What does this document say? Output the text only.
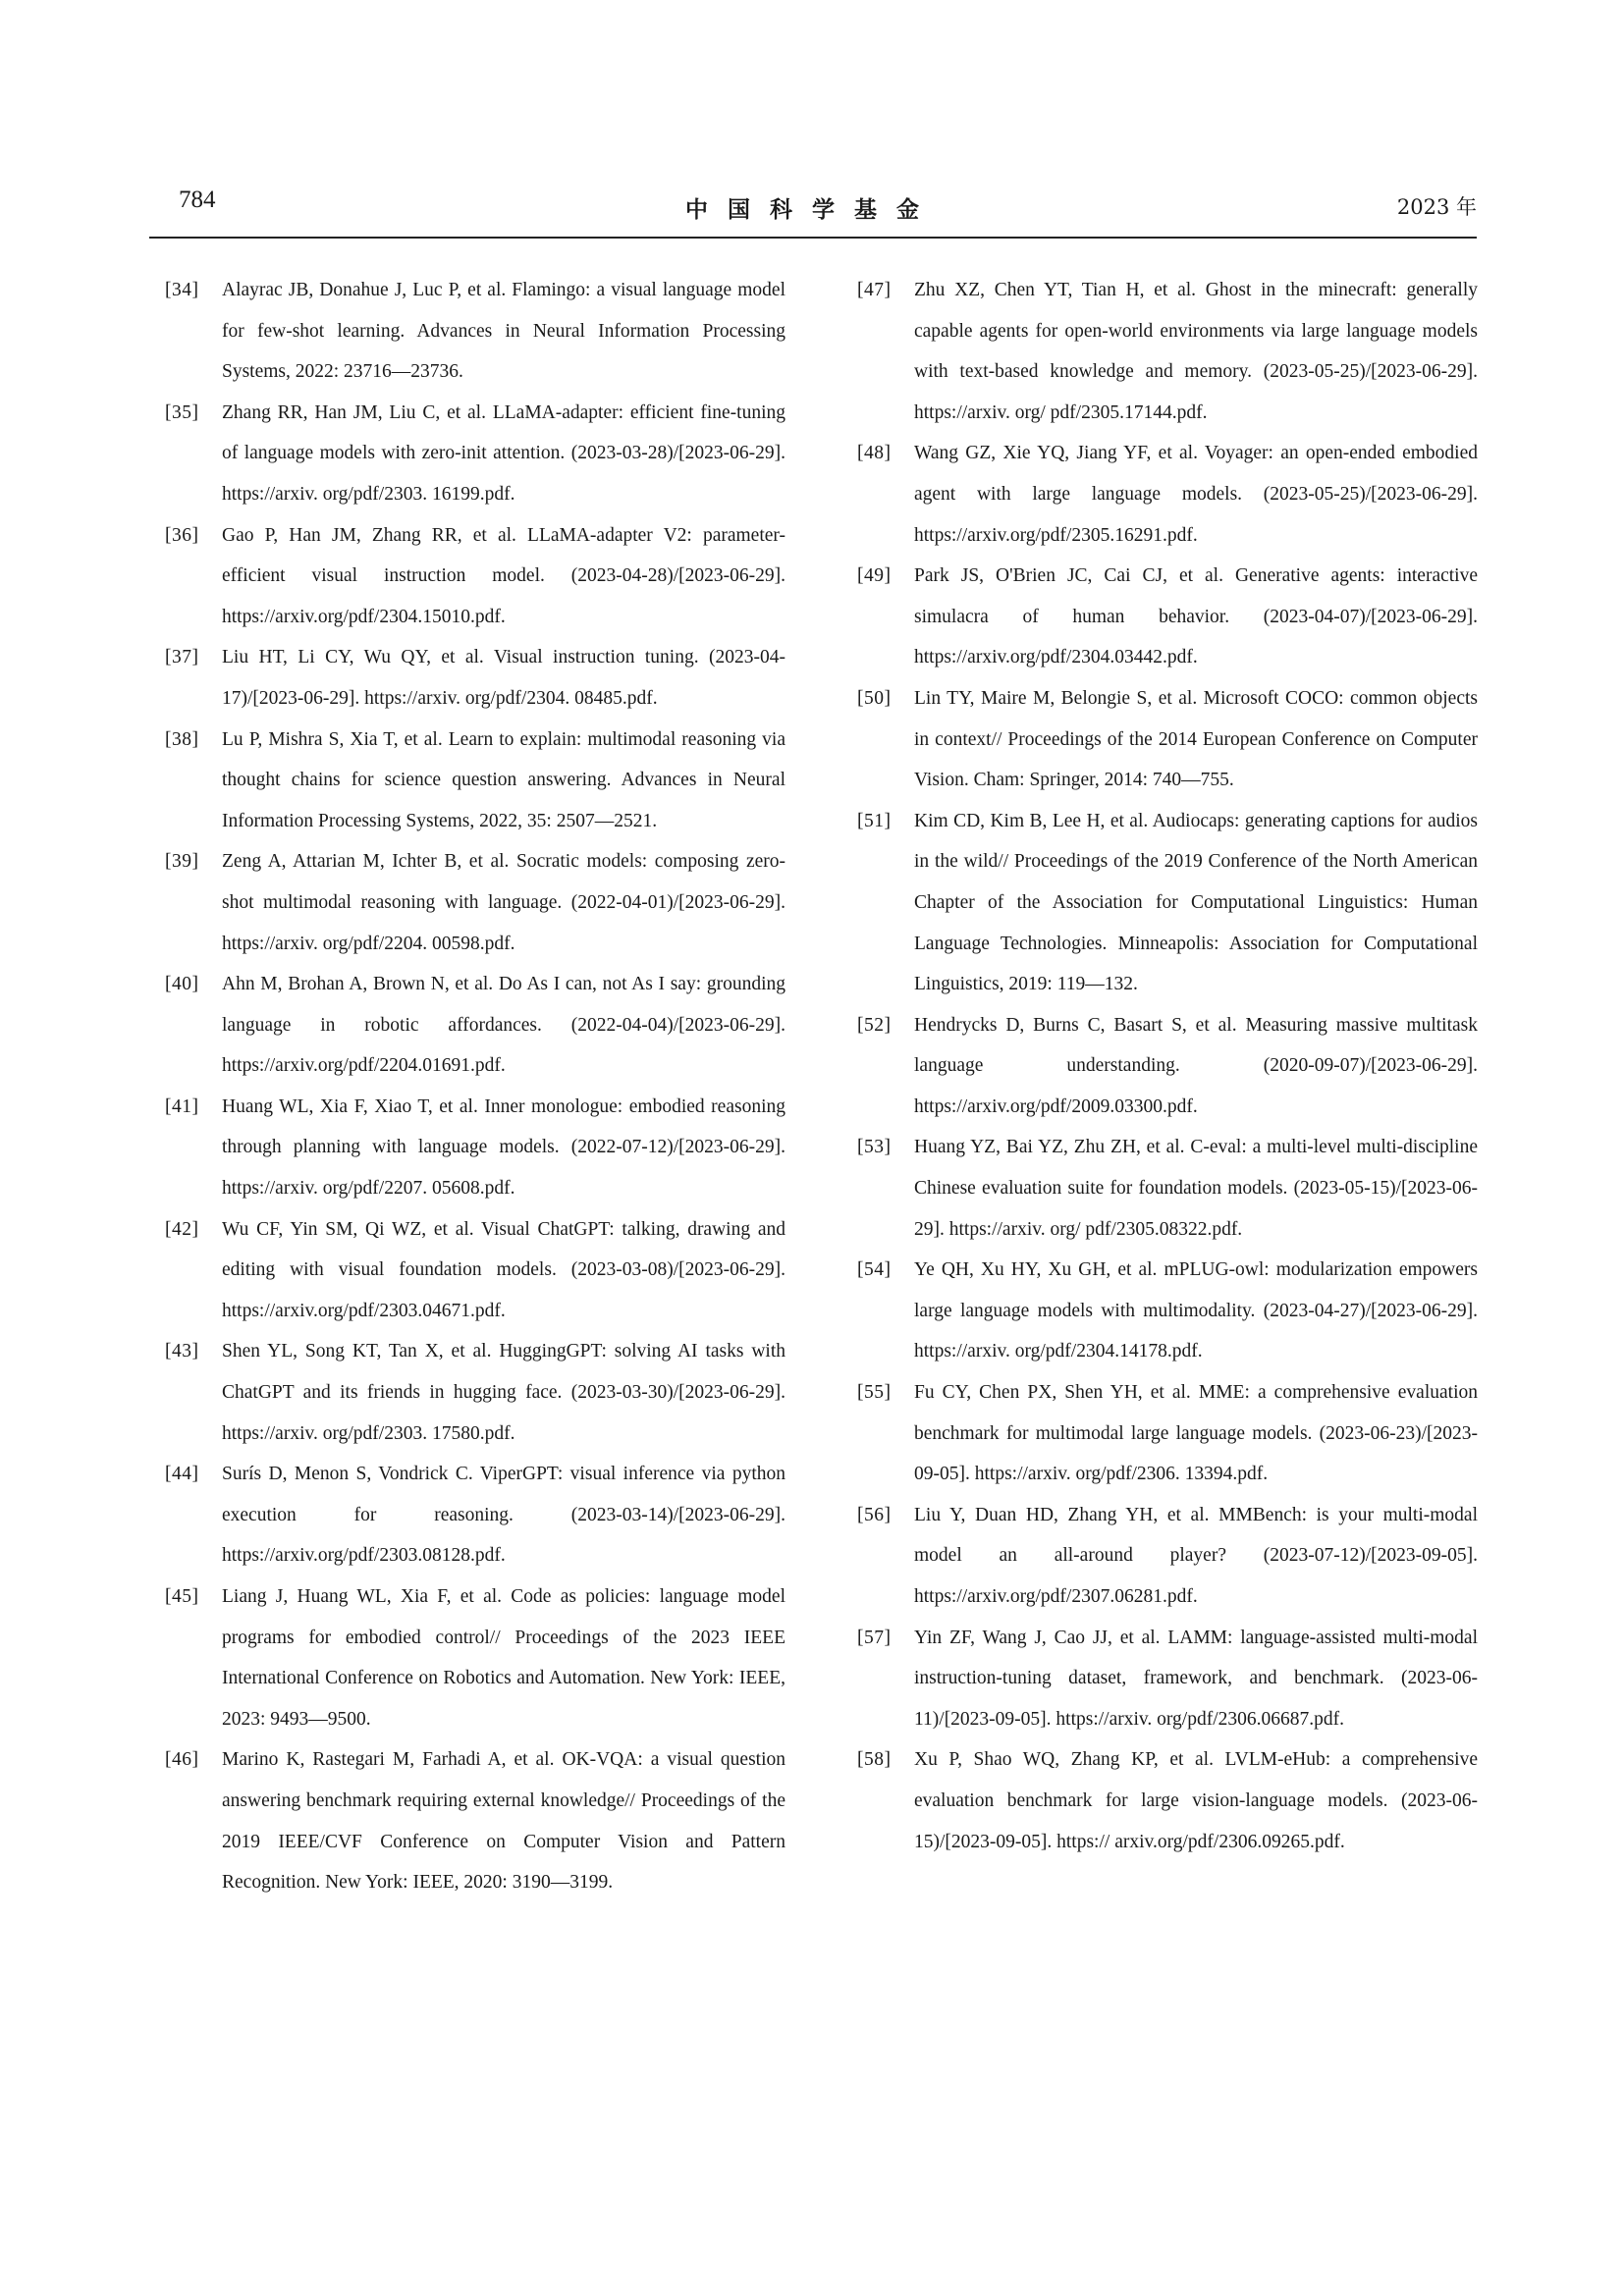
784	中国科学基金	2023 年
[34]	Alayrac JB, Donahue J, Luc P, et al. Flamingo: a visual language model for few-shot learning. Advances in Neural Information Processing Systems, 2022: 23716—23736.
[35]	Zhang RR, Han JM, Liu C, et al. LLaMA-adapter: efficient fine-tuning of language models with zero-init attention. (2023-03-28)/[2023-06-29]. https://arxiv. org/pdf/2303. 16199.pdf.
[36]	Gao P, Han JM, Zhang RR, et al. LLaMA-adapter V2: parameter-efficient visual instruction model. (2023-04-28)/[2023-06-29]. https://arxiv.org/pdf/2304.15010.pdf.
[37]	Liu HT, Li CY, Wu QY, et al. Visual instruction tuning. (2023-04-17)/[2023-06-29]. https://arxiv. org/pdf/2304. 08485.pdf.
[38]	Lu P, Mishra S, Xia T, et al. Learn to explain: multimodal reasoning via thought chains for science question answering. Advances in Neural Information Processing Systems, 2022, 35: 2507—2521.
[39]	Zeng A, Attarian M, Ichter B, et al. Socratic models: composing zero-shot multimodal reasoning with language. (2022-04-01)/[2023-06-29]. https://arxiv. org/pdf/2204. 00598.pdf.
[40]	Ahn M, Brohan A, Brown N, et al. Do As I can, not As I say: grounding language in robotic affordances. (2022-04-04)/[2023-06-29]. https://arxiv.org/pdf/2204.01691.pdf.
[41]	Huang WL, Xia F, Xiao T, et al. Inner monologue: embodied reasoning through planning with language models. (2022-07-12)/[2023-06-29]. https://arxiv. org/pdf/2207. 05608.pdf.
[42]	Wu CF, Yin SM, Qi WZ, et al. Visual ChatGPT: talking, drawing and editing with visual foundation models. (2023-03-08)/[2023-06-29]. https://arxiv.org/pdf/2303.04671.pdf.
[43]	Shen YL, Song KT, Tan X, et al. HuggingGPT: solving AI tasks with ChatGPT and its friends in hugging face. (2023-03-30)/[2023-06-29]. https://arxiv. org/pdf/2303. 17580.pdf.
[44]	Surís D, Menon S, Vondrick C. ViperGPT: visual inference via python execution for reasoning. (2023-03-14)/[2023-06-29]. https://arxiv.org/pdf/2303.08128.pdf.
[45]	Liang J, Huang WL, Xia F, et al. Code as policies: language model programs for embodied control// Proceedings of the 2023 IEEE International Conference on Robotics and Automation. New York: IEEE, 2023: 9493—9500.
[46]	Marino K, Rastegari M, Farhadi A, et al. OK-VQA: a visual question answering benchmark requiring external knowledge// Proceedings of the 2019 IEEE/CVF Conference on Computer Vision and Pattern Recognition. New York: IEEE, 2020: 3190—3199.
[47]	Zhu XZ, Chen YT, Tian H, et al. Ghost in the minecraft: generally capable agents for open-world environments via large language models with text-based knowledge and memory. (2023-05-25)/[2023-06-29]. https://arxiv. org/ pdf/2305.17144.pdf.
[48]	Wang GZ, Xie YQ, Jiang YF, et al. Voyager: an open-ended embodied agent with large language models. (2023-05-25)/[2023-06-29]. https://arxiv.org/pdf/2305.16291.pdf.
[49]	Park JS, O'Brien JC, Cai CJ, et al. Generative agents: interactive simulacra of human behavior. (2023-04-07)/[2023-06-29]. https://arxiv.org/pdf/2304.03442.pdf.
[50]	Lin TY, Maire M, Belongie S, et al. Microsoft COCO: common objects in context// Proceedings of the 2014 European Conference on Computer Vision. Cham: Springer, 2014: 740—755.
[51]	Kim CD, Kim B, Lee H, et al. Audiocaps: generating captions for audios in the wild// Proceedings of the 2019 Conference of the North American Chapter of the Association for Computational Linguistics: Human Language Technologies. Minneapolis: Association for Computational Linguistics, 2019: 119—132.
[52]	Hendrycks D, Burns C, Basart S, et al. Measuring massive multitask language understanding. (2020-09-07)/[2023-06-29]. https://arxiv.org/pdf/2009.03300.pdf.
[53]	Huang YZ, Bai YZ, Zhu ZH, et al. C-eval: a multi-level multi-discipline Chinese evaluation suite for foundation models. (2023-05-15)/[2023-06-29]. https://arxiv. org/ pdf/2305.08322.pdf.
[54]	Ye QH, Xu HY, Xu GH, et al. mPLUG-owl: modularization empowers large language models with multimodality. (2023-04-27)/[2023-06-29]. https://arxiv. org/pdf/2304.14178.pdf.
[55]	Fu CY, Chen PX, Shen YH, et al. MME: a comprehensive evaluation benchmark for multimodal large language models. (2023-06-23)/[2023-09-05]. https://arxiv. org/pdf/2306. 13394.pdf.
[56]	Liu Y, Duan HD, Zhang YH, et al. MMBench: is your multi-modal model an all-around player? (2023-07-12)/[2023-09-05]. https://arxiv.org/pdf/2307.06281.pdf.
[57]	Yin ZF, Wang J, Cao JJ, et al. LAMM: language-assisted multi-modal instruction-tuning dataset, framework, and benchmark. (2023-06-11)/[2023-09-05]. https://arxiv. org/pdf/2306.06687.pdf.
[58]	Xu P, Shao WQ, Zhang KP, et al. LVLM-eHub: a comprehensive evaluation benchmark for large vision-language models. (2023-06-15)/[2023-09-05]. https:// arxiv.org/pdf/2306.09265.pdf.
